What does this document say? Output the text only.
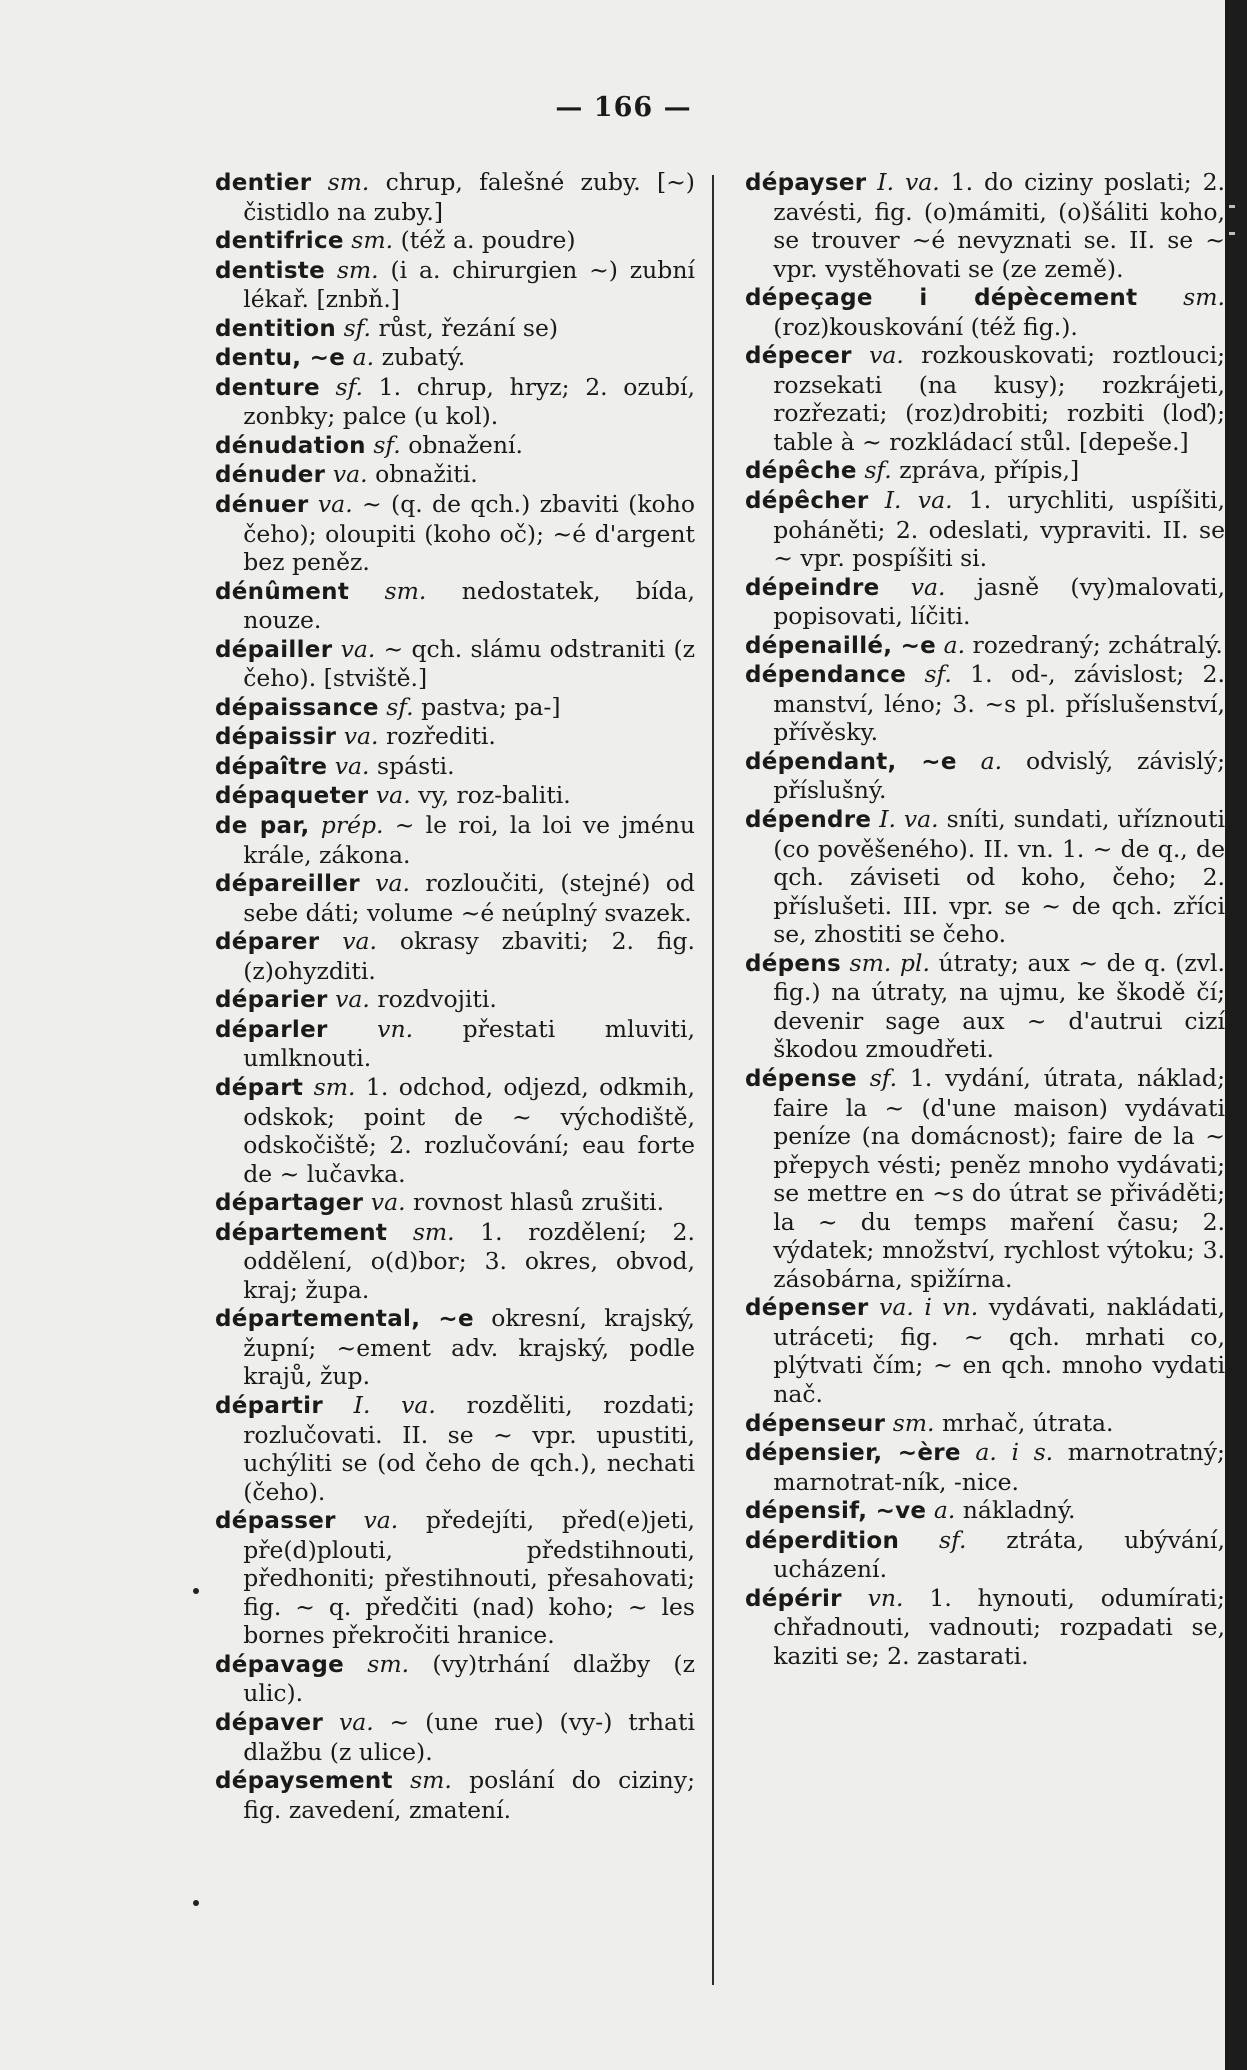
— 166 —

dentier sm. chrup, falešné zuby. [~) čistidlo na zuby.]

dentifrice sm. (též a. poudre)

dentiste sm. (i a. chirurgien ~) zubní lékař. [znbň.]

dentition sf. růst, řezání se)

dentu, ~e a. zubatý.

denture sf. 1. chrup, hryz; 2. ozubí, zonbky; palce (u kol).

dénudation sf. obnažení.

dénuder va. obnažiti.

dénuer va. ~ (q. de qch.) zbaviti (koho čeho); oloupiti (koho oč); ~é d'argent bez peněz.

dénûment sm. nedostatek, bída, nouze.

dépailler va. ~ qch. slámu odstraniti (z čeho). [stviště.]

dépaissance sf. pastva; pa-]

dépaissir va. rozřediti.

dépaître va. spásti.

dépaqueter va. vy, roz-baliti.

de par, prép. ~ le roi, la loi ve jménu krále, zákona.

dépareiller va. rozloučiti, (stejné) od sebe dáti; volume ~é neúplný svazek.

déparer va. okrasy zbaviti; 2. fig. (z)ohyzditi.

déparier va. rozdvojiti.

déparler vn. přestati mluviti, umlknouti.

départ sm. 1. odchod, odjezd, odkmih, odskok; point de ~ východiště, odskočiště; 2. rozlučování; eau forte de ~ lučavka.

départager va. rovnost hlasů zrušiti.

département sm. 1. rozdělení; 2. oddělení, o(d)bor; 3. okres, obvod, kraj; župa.

départemental, ~e okresní, krajský, župní; ~ement adv. krajský, podle krajů, žup.

départir I. va. rozděliti, rozdati; rozlučovati. II. se ~ vpr. upustiti, uchýliti se (od čeho de qch.), nechati (čeho).

dépasser va. předejíti, před(e)jeti, pře(d)plouti, předstihnouti, předhoniti; přestihnouti, přesahovati; fig. ~ q. předčiti (nad) koho; ~ les bornes překročiti hranice.

dépavage sm. (vy)trhání dlažby (z ulic).

dépaver va. ~ (une rue) (vy-) trhati dlažbu (z ulice).

dépaysement sm. poslání do ciziny; fig. zavedení, zmatení.

dépayser I. va. 1. do ciziny poslati; 2. zavésti, fig. (o)mámiti, (o)šáliti koho, se trouver ~é nevyznati se. II. se ~ vpr. vystěhovati se (ze země).

dépeçage i dépècement sm. (roz)kouskování (též fig.).

dépecer va. rozkouskovati; roztlouci; rozsekati (na kusy); rozkrájeti, rozřezati; (roz)drobiti; rozbiti (loď); table à ~ rozkládací stůl. [depeše.]

dépêche sf. zpráva, přípis,]

dépêcher I. va. 1. urychliti, uspíšiti, poháněti; 2. odeslati, vypraviti. II. se ~ vpr. pospíšiti si.

dépeindre va. jasně (vy)malovati, popisovati, líčiti.

dépenaillé, ~e a. rozedraný; zchátralý.

dépendance sf. 1. od-, závislost; 2. manství, léno; 3. ~s pl. příslušenství, přívěsky.

dépendant, ~e a. odvislý, závislý; příslušný.

dépendre I. va. sníti, sundati, uříznouti (co pověšeného). II. vn. 1. ~ de q., de qch. záviseti od koho, čeho; 2. příslušeti. III. vpr. se ~ de qch. zříci se, zhostiti se čeho.

dépens sm. pl. útraty; aux ~ de q. (zvl. fig.) na útraty, na ujmu, ke škodě čí; devenir sage aux ~ d'autrui cizí škodou zmoudřeti.

dépense sf. 1. vydání, útrata, náklad; faire la ~ (d'une maison) vydávati peníze (na domácnost); faire de la ~ přepych vésti; peněz mnoho vydávati; se mettre en ~s do útrat se přiváděti; la ~ du temps maření času; 2. výdatek; množství, rychlost výtoku; 3. zásobárna, spižírna.

dépenser va. i vn. vydávati, nakládati, utráceti; fig. ~ qch. mrhati co, plýtvati čím; ~ en qch. mnoho vydati nač.

dépenseur sm. mrhač, útrata.

dépensier, ~ère a. i s. marnotratný; marnotrat-ník, -nice.

dépensif, ~ve a. nákladný.

déperdition sf. ztráta, ubývání, ucházení.

dépérir vn. 1. hynouti, odumírati; chřadnouti, vadnouti; rozpadati se, kaziti se; 2. zastarati.
